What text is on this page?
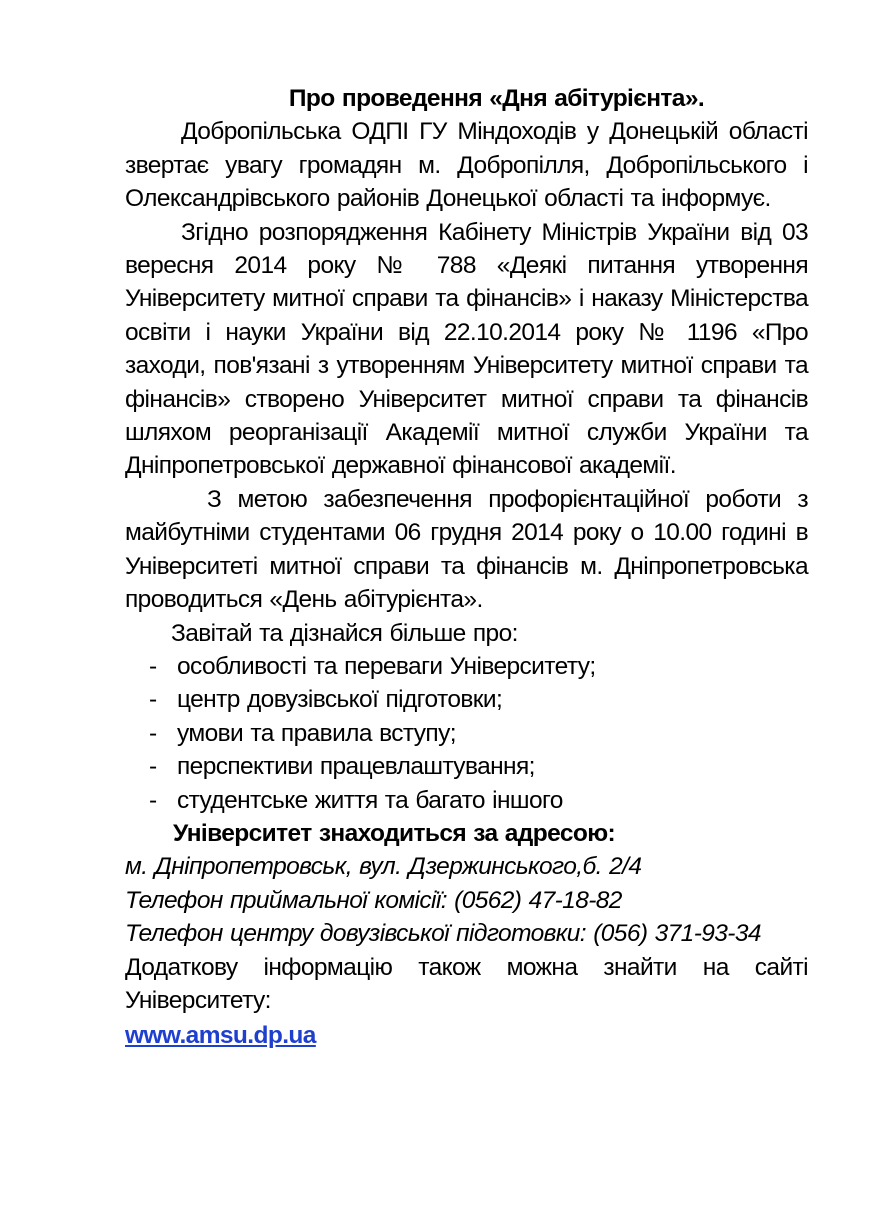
Про проведення «Дня абітурієнта».

Добропільська ОДПІ ГУ Міндоходів у Донецькій області звертає увагу громадян м. Добропілля, Добропільського і Олександрівського районів Донецької області та інформує.

Згідно розпорядження Кабінету Міністрів України від 03 вересня 2014 року № 788 «Деякі питання утворення Університету митної справи та фінансів» і наказу Міністерства освіти і науки України від 22.10.2014 року № 1196 «Про заходи, пов'язані з утворенням Університету митної справи та фінансів» створено Університет митної справи та фінансів шляхом реорганізації Академії митної служби України та Дніпропетровської державної фінансової академії.

З метою забезпечення профорієнтаційної роботи з майбутніми студентами 06 грудня 2014 року о 10.00 годині в Університеті митної справи та фінансів м. Дніпропетровська проводиться «День абітурієнта».

Завітай та дізнайся більше про:

- особливості та переваги Університету;
- центр довузівської підготовки;
- умови та правила вступу;
- перспективи працевлаштування;
- студентське життя та багато іншого

Університет знаходиться за адресою:

м. Дніпропетровськ, вул. Дзержинського,б. 2/4

Телефон приймальної комісії: (0562) 47-18-82

Телефон центру довузівської підготовки: (056) 371-93-34

Додаткову інформацію також можна знайти на сайті

Університету:

www.amsu.dp.ua
